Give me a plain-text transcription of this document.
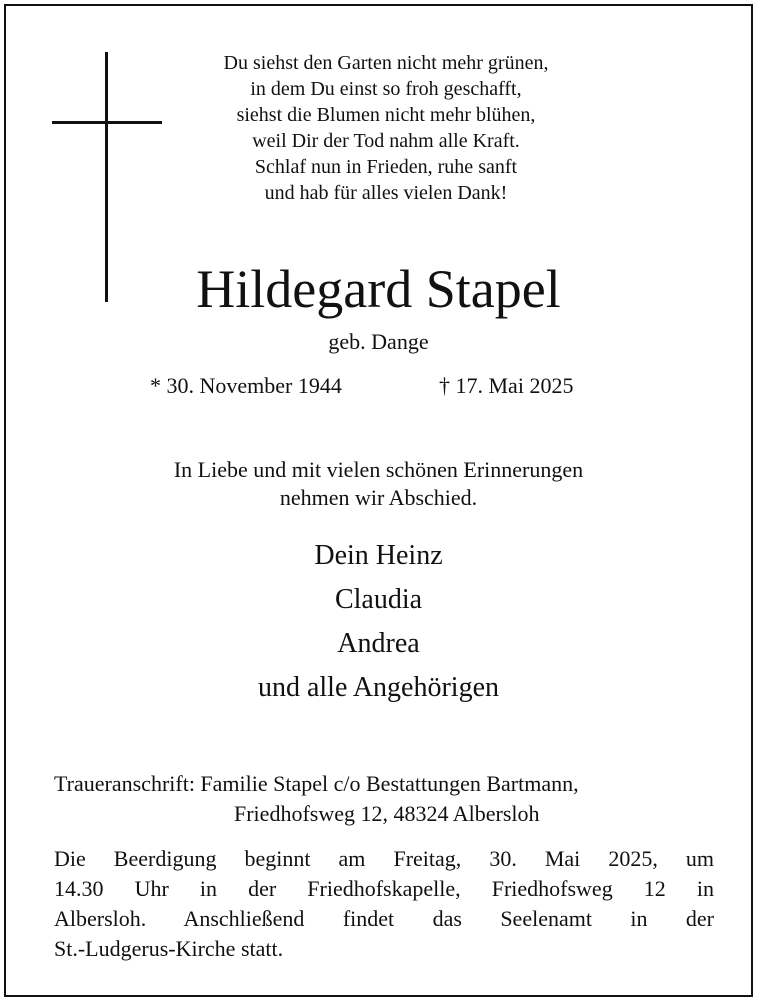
Du siehst den Garten nicht mehr grünen,
in dem Du einst so froh geschafft,
siehst die Blumen nicht mehr blühen,
weil Dir der Tod nahm alle Kraft.
Schlaf nun in Frieden, ruhe sanft
und hab für alles vielen Dank!
Hildegard Stapel
geb. Dange
* 30. November 1944	† 17. Mai 2025
In Liebe und mit vielen schönen Erinnerungen
nehmen wir Abschied.
Dein Heinz
Claudia
Andrea
und alle Angehörigen
Traueranschrift: Familie Stapel c/o Bestattungen Bartmann,
Friedhofsweg 12, 48324 Albersloh
Die Beerdigung beginnt am Freitag, 30. Mai 2025, um
14.30 Uhr in der Friedhofskapelle, Friedhofsweg 12 in
Albersloh. Anschließend findet das Seelenamt in der
St.-Ludgerus-Kirche statt.
